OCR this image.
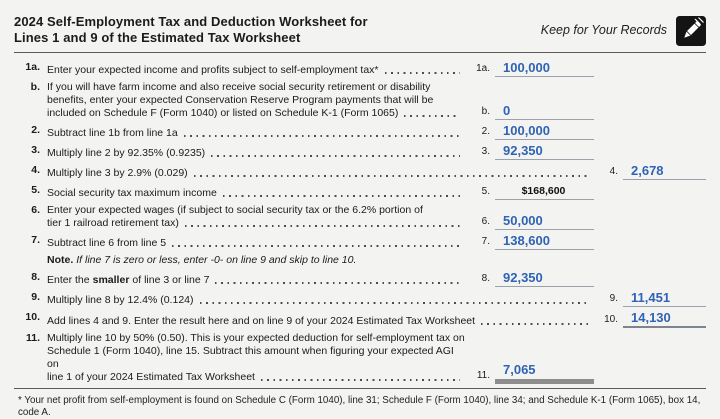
2024 Self-Employment Tax and Deduction Worksheet for
Lines 1 and 9 of the Estimated Tax Worksheet	Keep for Your Records
1a. Enter your expected income and profits subject to self-employment tax*	1a.	100,000
b. If you will have farm income and also receive social security retirement or disability
benefits, enter your expected Conservation Reserve Program payments that will be
included on Schedule F (Form 1040) or listed on Schedule K-1 (Form 1065)	b.	0
2. Subtract line 1b from line 1a	2.	100,000
3. Multiply line 2 by 92.35% (0.9235)	3.	92,350
4. Multiply line 3 by 2.9% (0.029)	4.	2,678
5. Social security tax maximum income	5.	$168,600
6. Enter your expected wages (if subject to social security tax or the 6.2% portion of
tier 1 railroad retirement tax)	6.	50,000
7. Subtract line 6 from line 5	7.	138,600
Note. If line 7 is zero or less, enter -0- on line 9 and skip to line 10.
8. Enter the smaller of line 3 or line 7	8.	92,350
9. Multiply line 8 by 12.4% (0.124)	9.	11,451
10. Add lines 4 and 9. Enter the result here and on line 9 of your 2024 Estimated Tax Worksheet	10.	14,130
11. Multiply line 10 by 50% (0.50). This is your expected deduction for self-employment tax on
Schedule 1 (Form 1040), line 15. Subtract this amount when figuring your expected AGI on
line 1 of your 2024 Estimated Tax Worksheet	11.	7,065
* Your net profit from self-employment is found on Schedule C (Form 1040), line 31; Schedule F (Form 1040), line 34; and Schedule K-1 (Form 1065), box 14, code A.
